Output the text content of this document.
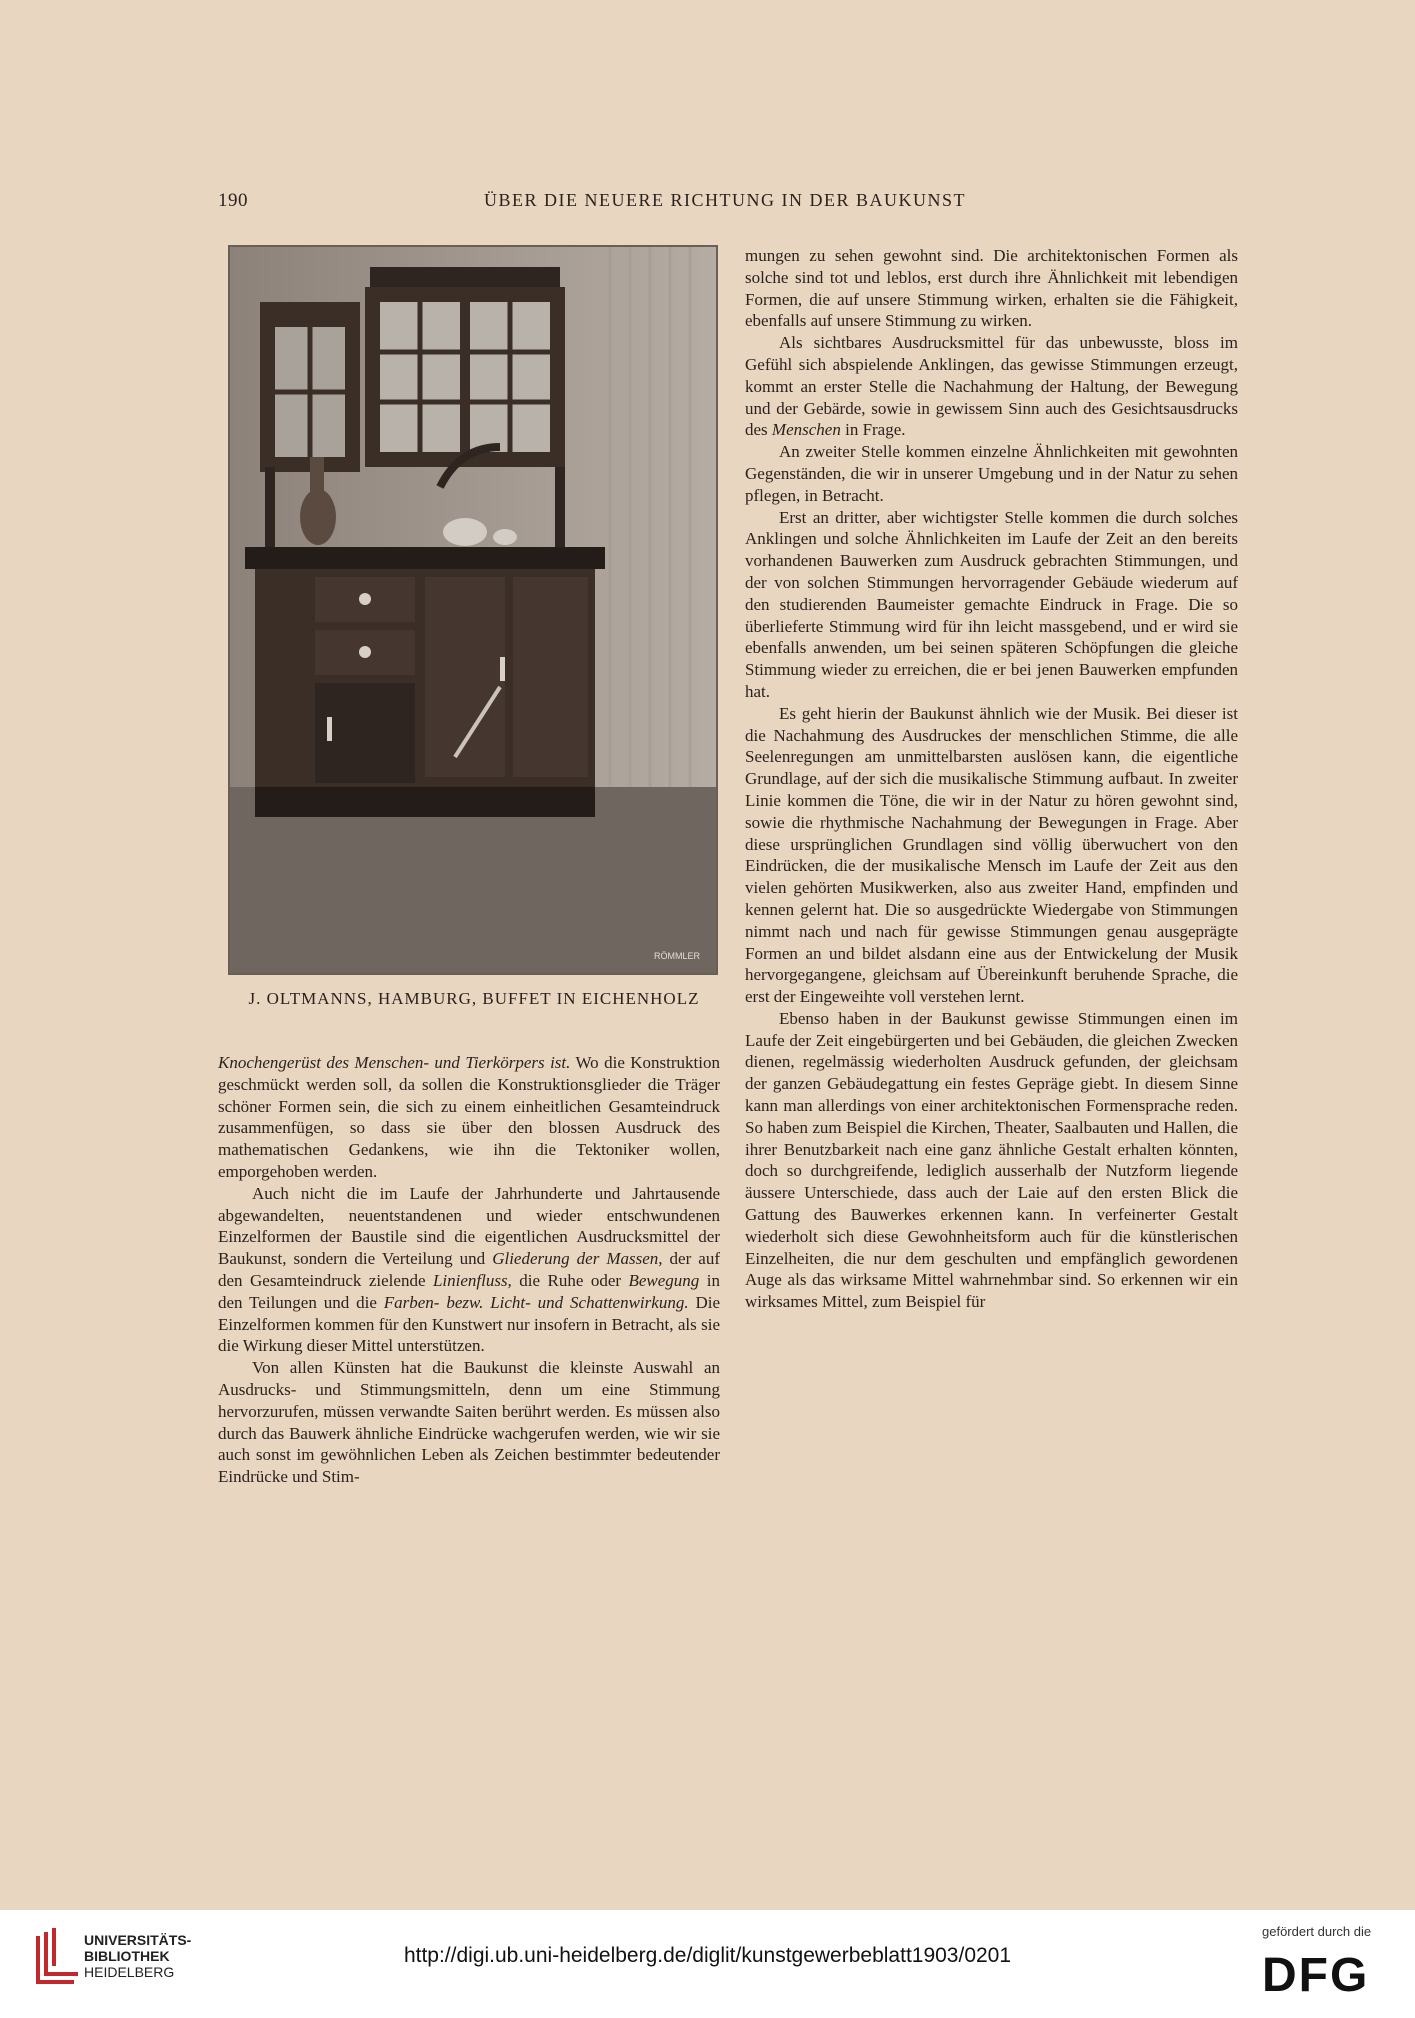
190	ÜBER DIE NEUERE RICHTUNG IN DER BAUKUNST
RÖMMLER
J. OLTMANNS, HAMBURG, BUFFET IN EICHENHOLZ

Knochengerüst des Menschen- und Tierkörpers ist. Wo die Konstruktion geschmückt werden soll, da sollen die Konstruktionsglieder die Träger schöner Formen sein, die sich zu einem einheitlichen Gesamteindruck zusammenfügen, so dass sie über den blossen Ausdruck des mathematischen Gedankens, wie ihn die Tektoniker wollen, emporgehoben werden.

Auch nicht die im Laufe der Jahrhunderte und Jahrtausende abgewandelten, neuentstandenen und wieder entschwundenen Einzelformen der Baustile sind die eigentlichen Ausdrucksmittel der Baukunst, sondern die Verteilung und Gliederung der Massen, der auf den Gesamteindruck zielende Linienfluss, die Ruhe oder Bewegung in den Teilungen und die Farben- bezw. Licht- und Schattenwirkung. Die Einzelformen kommen für den Kunstwert nur insofern in Betracht, als sie die Wirkung dieser Mittel unterstützen.

Von allen Künsten hat die Baukunst die kleinste Auswahl an Ausdrucks- und Stimmungsmitteln, denn um eine Stimmung hervorzurufen, müssen verwandte Saiten berührt werden. Es müssen also durch das Bauwerk ähnliche Eindrücke wachgerufen werden, wie wir sie auch sonst im gewöhnlichen Leben als Zeichen bestimmter bedeutender Eindrücke und Stim-

mungen zu sehen gewohnt sind. Die architektonischen Formen als solche sind tot und leblos, erst durch ihre Ähnlichkeit mit lebendigen Formen, die auf unsere Stimmung wirken, erhalten sie die Fähigkeit, ebenfalls auf unsere Stimmung zu wirken.

Als sichtbares Ausdrucksmittel für das unbewusste, bloss im Gefühl sich abspielende Anklingen, das gewisse Stimmungen erzeugt, kommt an erster Stelle die Nachahmung der Haltung, der Bewegung und der Gebärde, sowie in gewissem Sinn auch des Gesichtsausdrucks des Menschen in Frage.

An zweiter Stelle kommen einzelne Ähnlichkeiten mit gewohnten Gegenständen, die wir in unserer Umgebung und in der Natur zu sehen pflegen, in Betracht.

Erst an dritter, aber wichtigster Stelle kommen die durch solches Anklingen und solche Ähnlichkeiten im Laufe der Zeit an den bereits vorhandenen Bauwerken zum Ausdruck gebrachten Stimmungen, und der von solchen Stimmungen hervorragender Gebäude wiederum auf den studierenden Baumeister gemachte Eindruck in Frage. Die so überlieferte Stimmung wird für ihn leicht massgebend, und er wird sie ebenfalls anwenden, um bei seinen späteren Schöpfungen die gleiche Stimmung wieder zu erreichen, die er bei jenen Bauwerken empfunden hat.

Es geht hierin der Baukunst ähnlich wie der Musik. Bei dieser ist die Nachahmung des Ausdruckes der menschlichen Stimme, die alle Seelenregungen am unmittelbarsten auslösen kann, die eigentliche Grundlage, auf der sich die musikalische Stimmung aufbaut. In zweiter Linie kommen die Töne, die wir in der Natur zu hören gewohnt sind, sowie die rhythmische Nachahmung der Bewegungen in Frage. Aber diese ursprünglichen Grundlagen sind völlig überwuchert von den Eindrücken, die der musikalische Mensch im Laufe der Zeit aus den vielen gehörten Musikwerken, also aus zweiter Hand, empfinden und kennen gelernt hat. Die so ausgedrückte Wiedergabe von Stimmungen nimmt nach und nach für gewisse Stimmungen genau ausgeprägte Formen an und bildet alsdann eine aus der Entwickelung der Musik hervorgegangene, gleichsam auf Übereinkunft beruhende Sprache, die erst der Eingeweihte voll verstehen lernt.

Ebenso haben in der Baukunst gewisse Stimmungen einen im Laufe der Zeit eingebürgerten und bei Gebäuden, die gleichen Zwecken dienen, regelmässig wiederholten Ausdruck gefunden, der gleichsam der ganzen Gebäudegattung ein festes Gepräge giebt. In diesem Sinne kann man allerdings von einer architektonischen Formensprache reden. So haben zum Beispiel die Kirchen, Theater, Saalbauten und Hallen, die ihrer Benutzbarkeit nach eine ganz ähnliche Gestalt erhalten könnten, doch so durchgreifende, lediglich ausserhalb der Nutzform liegende äussere Unterschiede, dass auch der Laie auf den ersten Blick die Gattung des Bauwerkes erkennen kann. In verfeinerter Gestalt wiederholt sich diese Gewohnheitsform auch für die künstlerischen Einzelheiten, die nur dem geschulten und empfänglich gewordenen Auge als das wirksame Mittel wahrnehmbar sind. So erkennen wir ein wirksames Mittel, zum Beispiel für

UNIVERSITÄTS-
BIBLIOTHEK
HEIDELBERG
http://digi.ub.uni-heidelberg.de/diglit/kunstgewerbeblatt1903/0201
gefördert durch die
DFG
